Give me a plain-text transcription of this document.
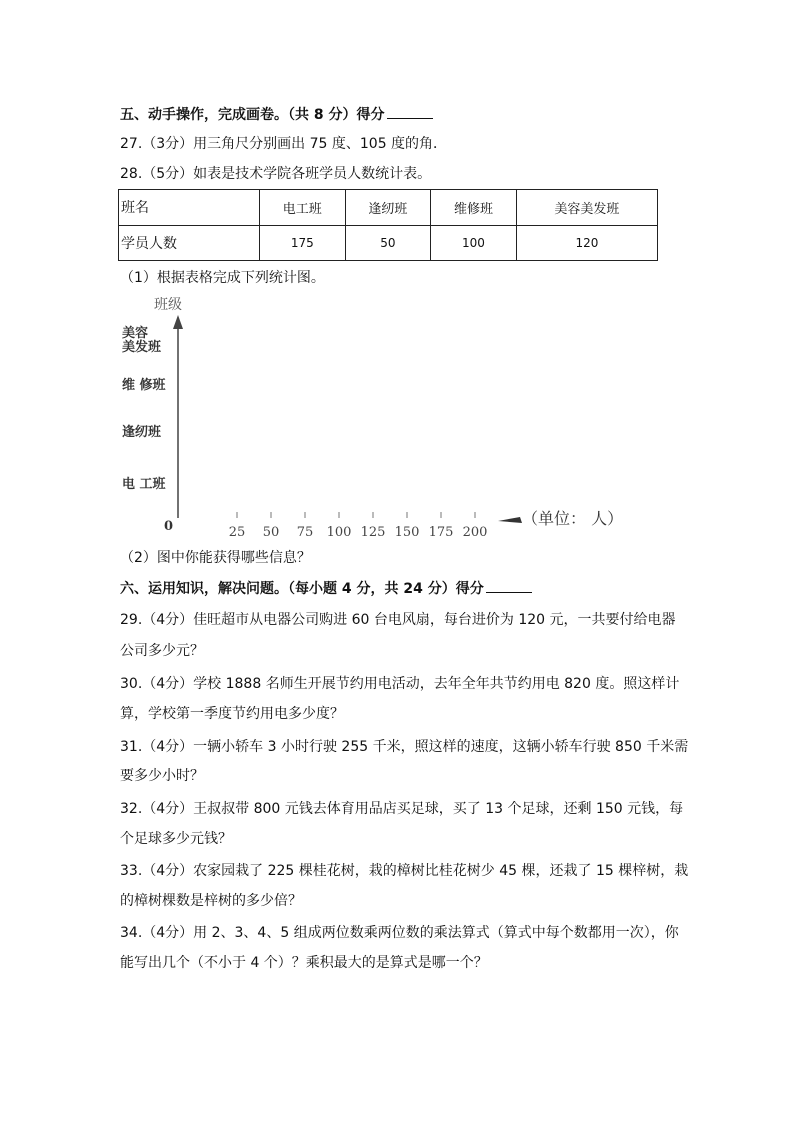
五、动手操作，完成画卷。（共 8 分）得分
27.（3分）用三角尺分别画出 75 度、105 度的角．
28.（5分）如表是技术学院各班学员人数统计表。
班名	电工班	逢纫班	维修班	美容美发班
学员人数	175	50	100	120
（1）根据表格完成下列统计图。
班级
电 工班
逢纫班
维 修班
美容
美发班
0	25 50 75 100 125 150 175 200
（单位： 人）
（2）图中你能获得哪些信息？
六、运用知识，解决问题。（每小题 4 分，共 24 分）得分
29.（4分）佳旺超市从电器公司购进 60 台电风扇，每台进价为 120 元，一共要付给电器
公司多少元？
30.（4分）学校 1888 名师生开展节约用电活动，去年全年共节约用电 820 度。照这样计
算，学校第一季度节约用电多少度？
31.（4分）一辆小轿车 3 小时行驶 255 千米，照这样的速度，这辆小轿车行驶 850 千米需
要多少小时？
32.（4分）王叔叔带 800 元钱去体育用品店买足球，买了 13 个足球，还剩 150 元钱，每
个足球多少元钱？
33.（4分）农家园栽了 225 棵桂花树，栽的樟树比桂花树少 45 棵，还栽了 15 棵梓树，栽
的樟树棵数是梓树的多少倍？
34.（4分）用 2、3、4、5 组成两位数乘两位数的乘法算式（算式中每个数都用一次），你
能写出几个（不小于 4 个）？乘积最大的是算式是哪一个？
